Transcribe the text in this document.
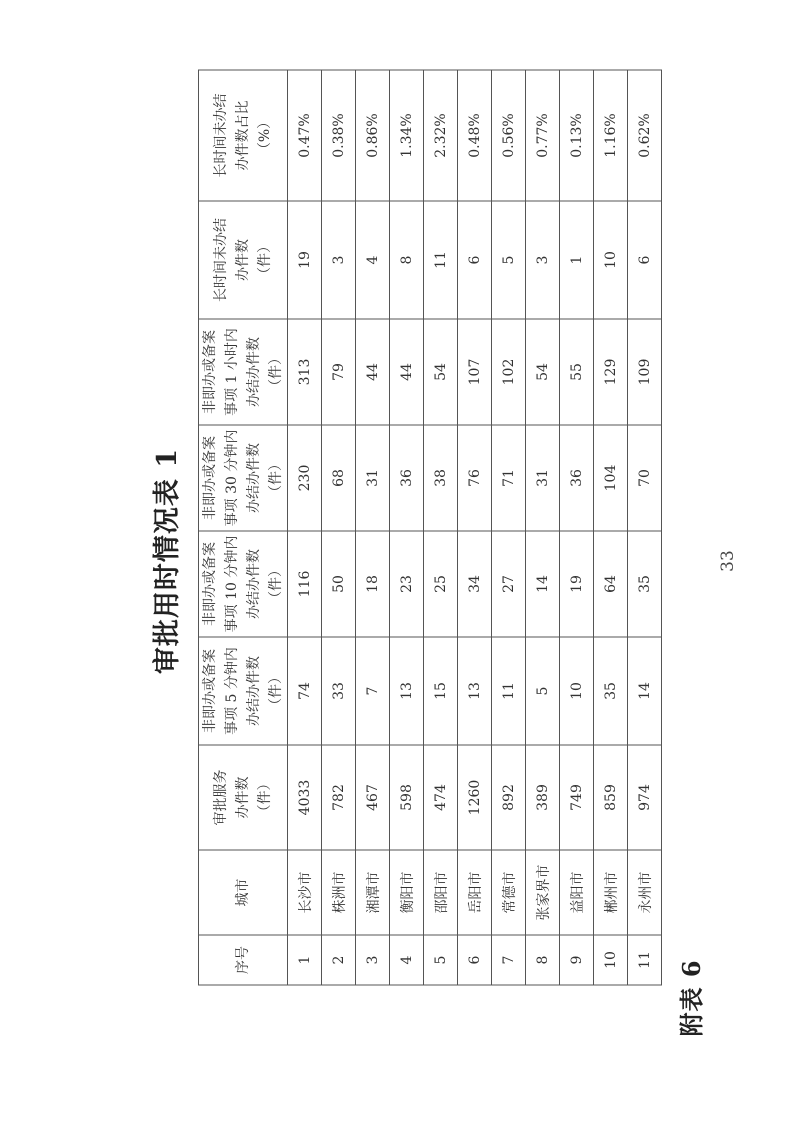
附表 6
审批用时情况表 1
序号	城市	审批服务 办件数 （件）	非即办或备案 事项 5 分钟内 办结办件数 （件）	非即办或备案 事项 10 分钟内 办结办件数 （件）	非即办或备案 事项 30 分钟内 办结办件数 （件）	非即办或备案 事项 1 小时内 办结办件数 （件）	长时间未办结 办件数 （件）	长时间未办结 办件数占比 （%）
1	长沙市	4033	74	116	230	313	19	0.47%
2	株洲市	782	33	50	68	79	3	0.38%
3	湘潭市	467	7	18	31	44	4	0.86%
4	衡阳市	598	13	23	36	44	8	1.34%
5	邵阳市	474	15	25	38	54	11	2.32%
6	岳阳市	1260	13	34	76	107	6	0.48%
7	常德市	892	11	27	71	102	5	0.56%
8	张家界市	389	5	14	31	54	3	0.77%
9	益阳市	749	10	19	36	55	1	0.13%
10	郴州市	859	35	64	104	129	10	1.16%
11	永州市	974	14	35	70	109	6	0.62%
33
